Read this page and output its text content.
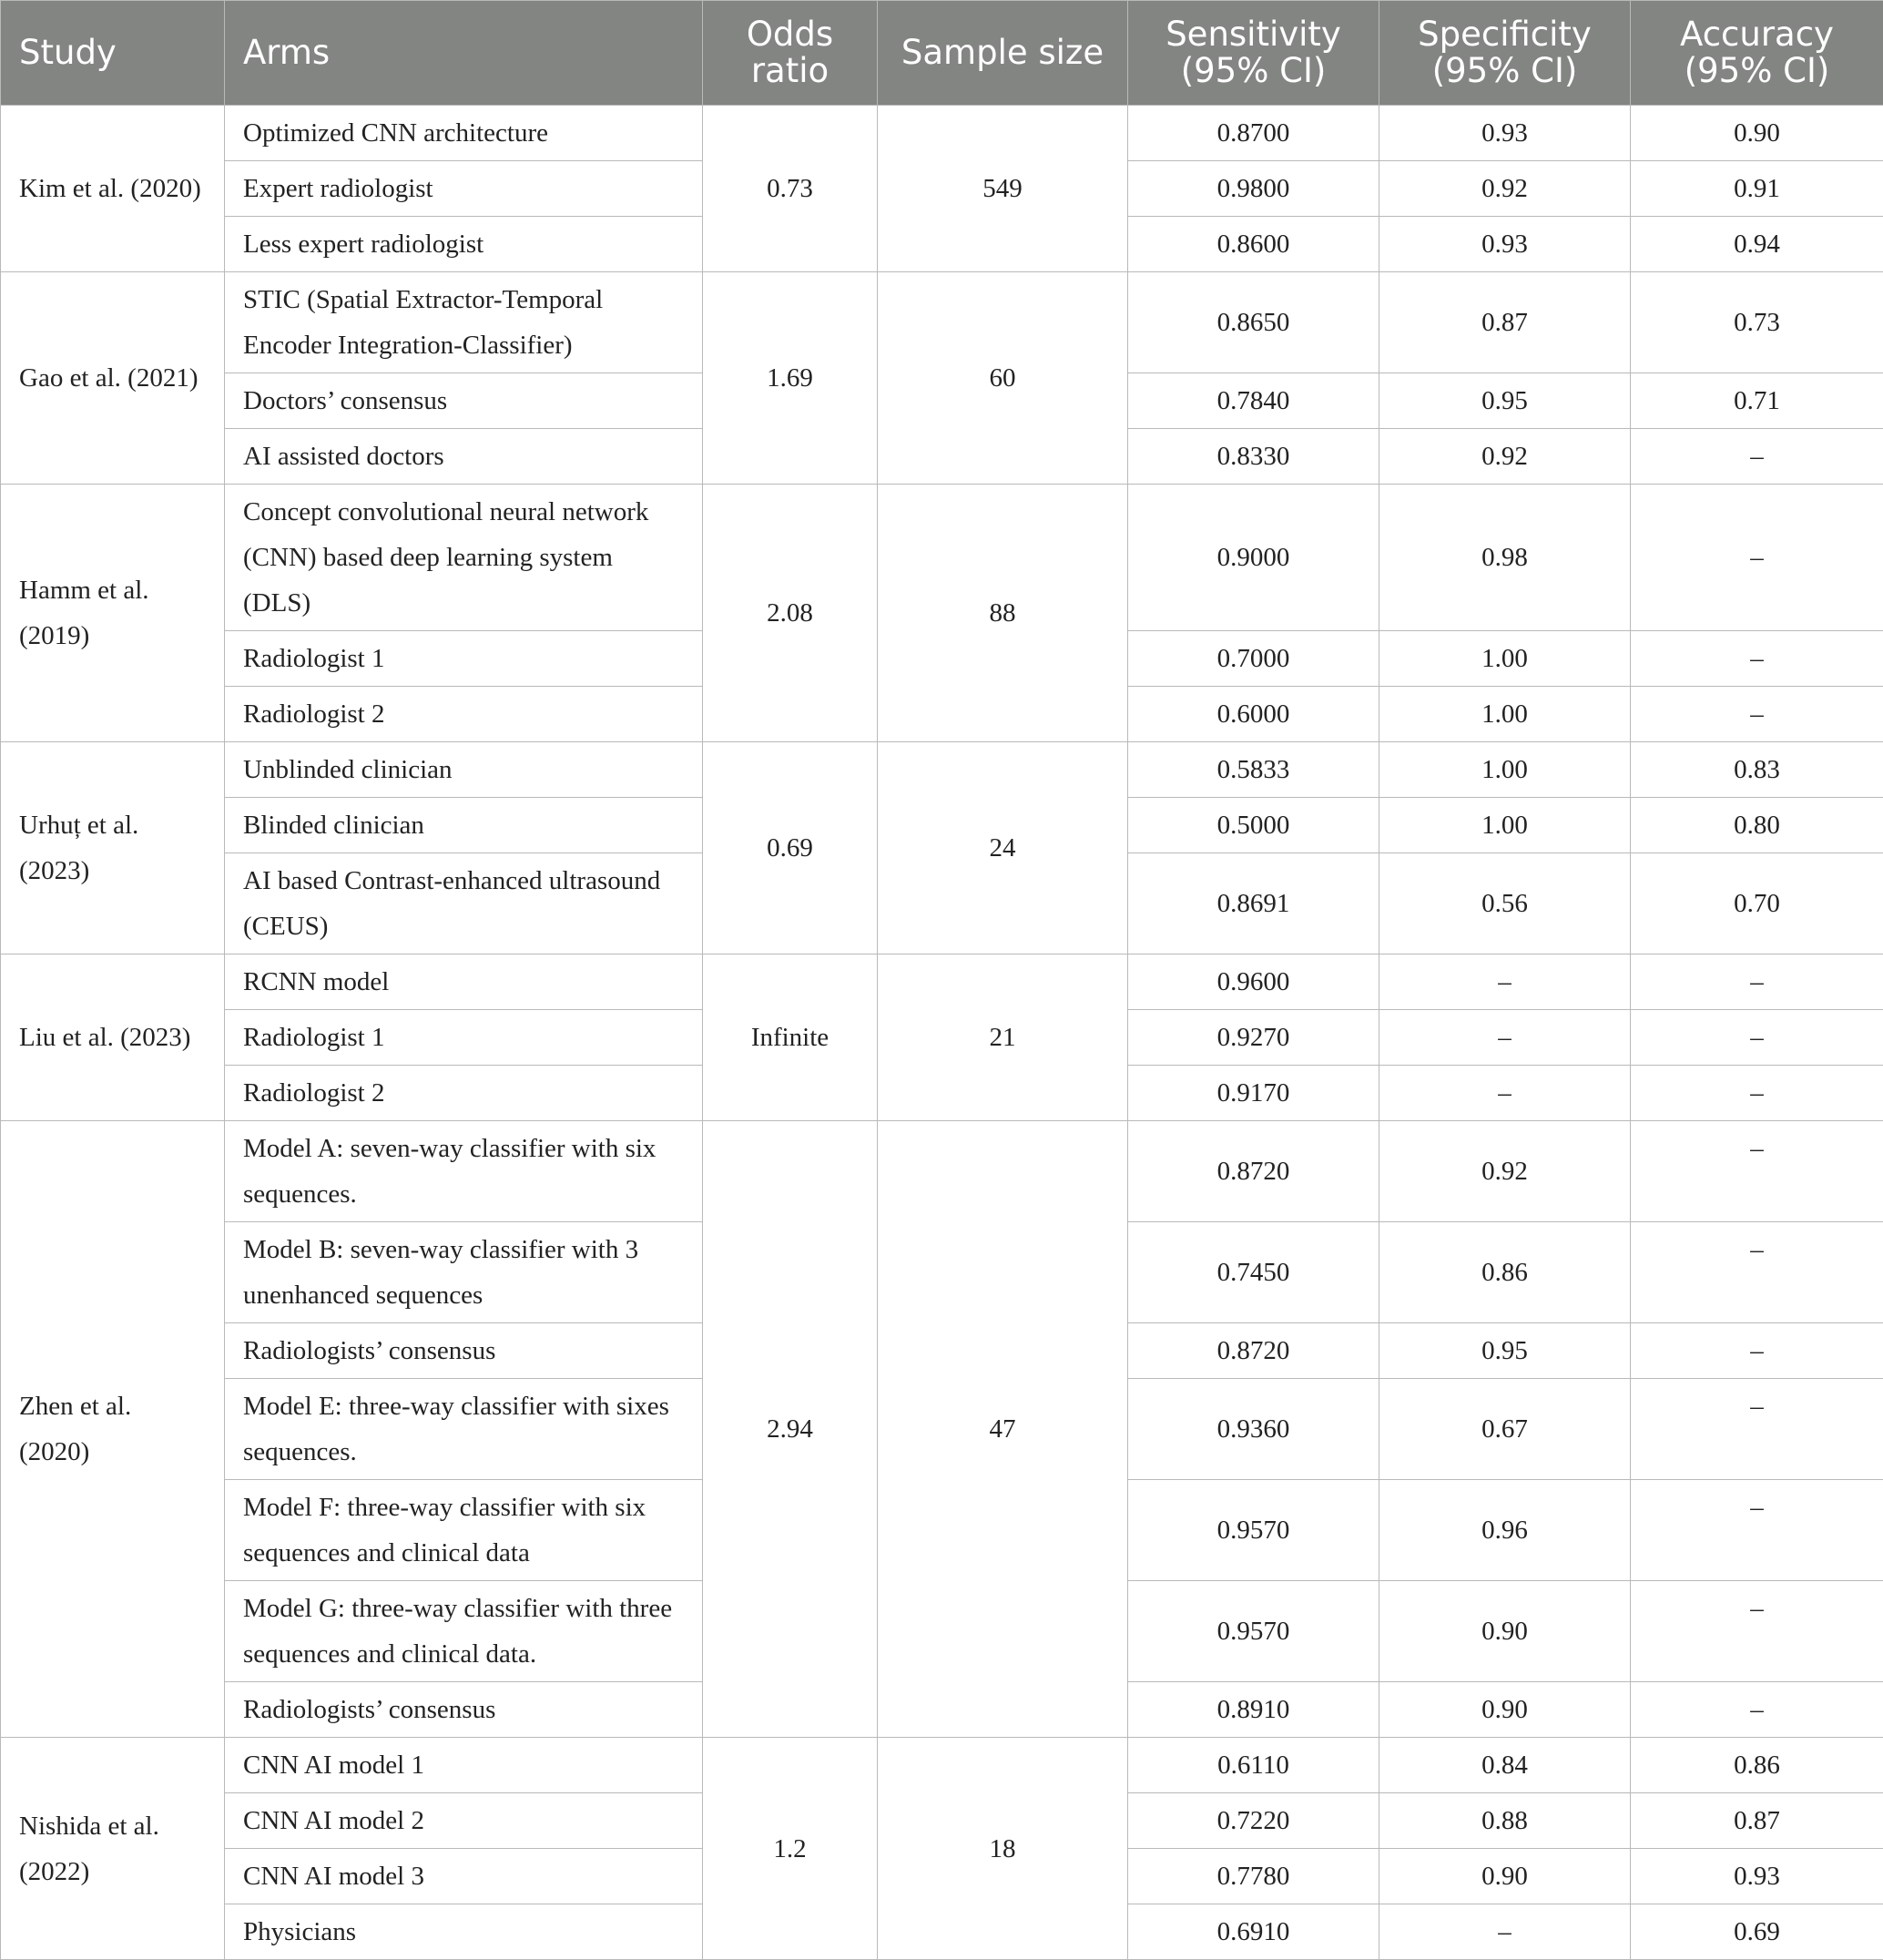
Study	Arms	Odds ratio	Sample size	Sensitivity (95% CI)	Specificity (95% CI)	Accuracy (95% CI)
Kim et al. (2020)	Optimized CNN architecture	0.73	549	0.8700	0.93	0.90
	Expert radiologist			0.9800	0.92	0.91
	Less expert radiologist			0.8600	0.93	0.94
Gao et al. (2021)	STIC (Spatial Extractor-Temporal Encoder Integration-Classifier)	1.69	60	0.8650	0.87	0.73
	Doctors’ consensus			0.7840	0.95	0.71
	AI assisted doctors			0.8330	0.92	–
Hamm et al. (2019)	Concept convolutional neural network (CNN) based deep learning system (DLS)	2.08	88	0.9000	0.98	–
	Radiologist 1			0.7000	1.00	–
	Radiologist 2			0.6000	1.00	–
Urhuț et al. (2023)	Unblinded clinician	0.69	24	0.5833	1.00	0.83
	Blinded clinician			0.5000	1.00	0.80
	AI based Contrast-enhanced ultrasound (CEUS)			0.8691	0.56	0.70
Liu et al. (2023)	RCNN model	Infinite	21	0.9600	–	–
	Radiologist 1			0.9270	–	–
	Radiologist 2			0.9170	–	–
Zhen et al. (2020)	Model A: seven-way classifier with six sequences.	2.94	47	0.8720	0.92	–
	Model B: seven-way classifier with 3 unenhanced sequences			0.7450	0.86	–
	Radiologists’ consensus			0.8720	0.95	–
	Model E: three-way classifier with sixes sequences.			0.9360	0.67	–
	Model F: three-way classifier with six sequences and clinical data			0.9570	0.96	–
	Model G: three-way classifier with three sequences and clinical data.			0.9570	0.90	–
	Radiologists’ consensus			0.8910	0.90	–
Nishida et al. (2022)	CNN AI model 1	1.2	18	0.6110	0.84	0.86
	CNN AI model 2			0.7220	0.88	0.87
	CNN AI model 3			0.7780	0.90	0.93
	Physicians			0.6910	–	0.69
